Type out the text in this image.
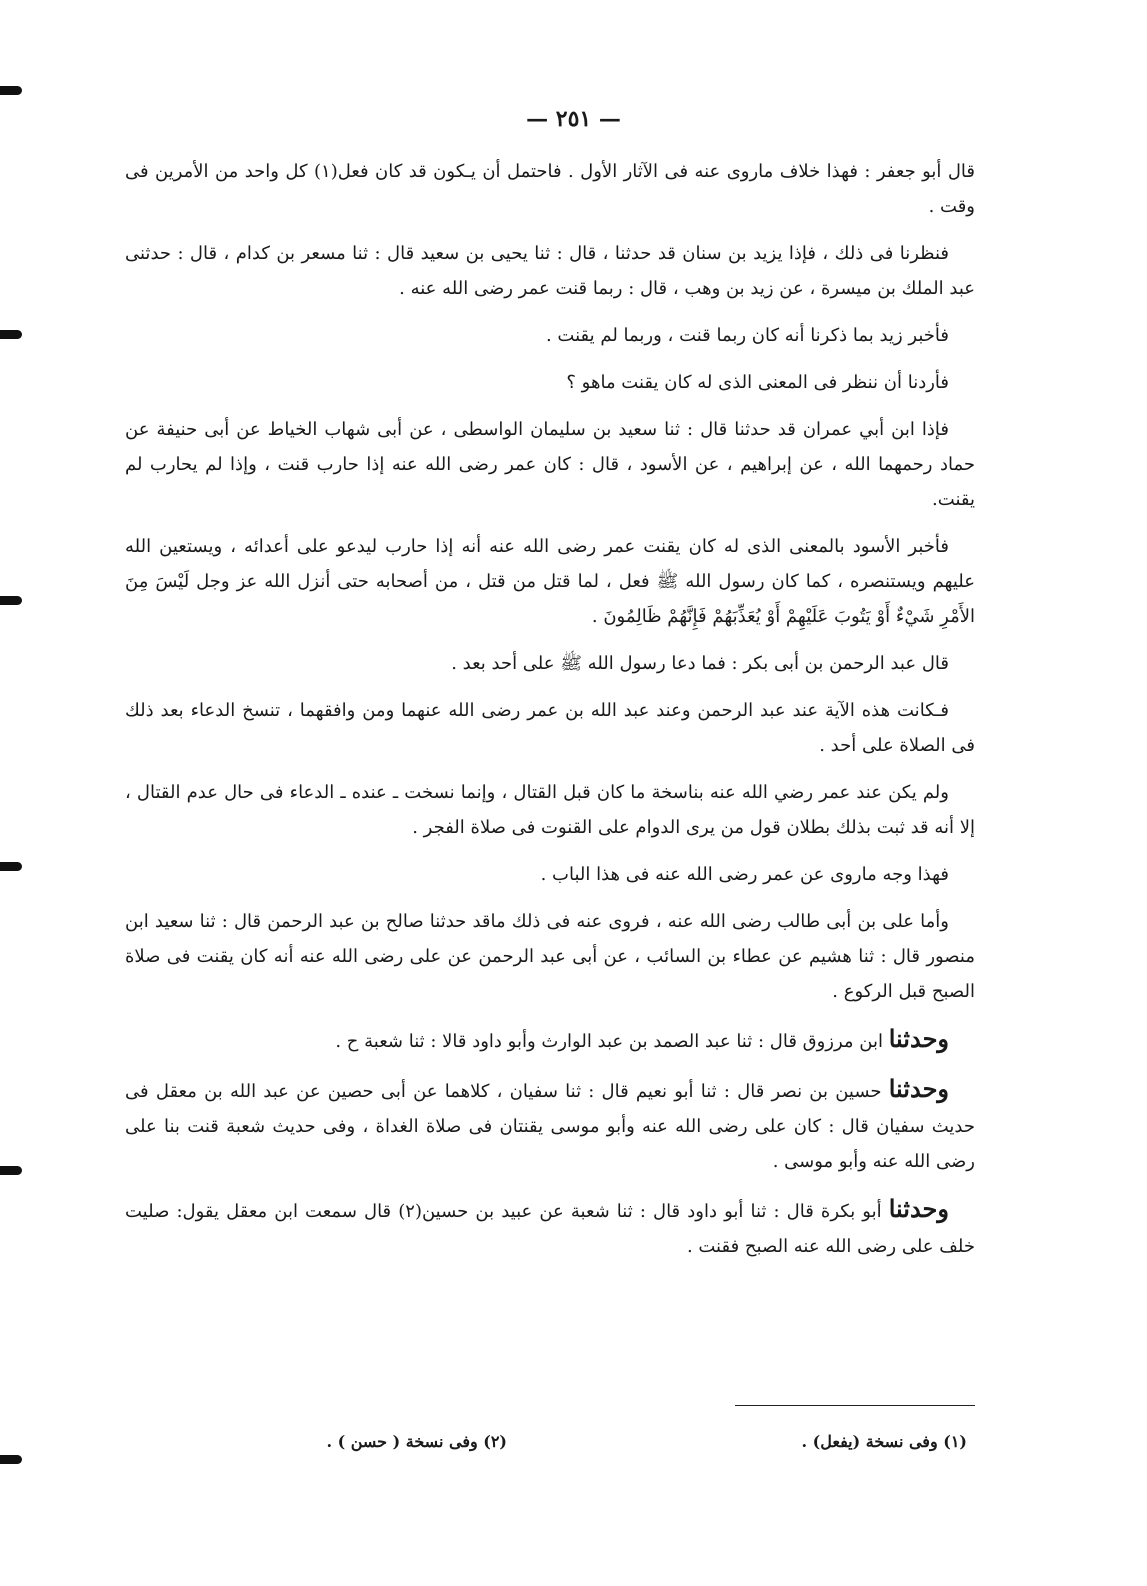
— ٢٥١ —

قال أبو جعفر : فهذا خلاف ماروى عنه فى الآثار الأول . فاحتمل أن يـكون قد كان فعل(١) كل واحد من الأمرين فى وقت .

فنظرنا فى ذلك ، فإذا يزيد بن سنان قد حدثنا ، قال : ثنا يحيى بن سعيد قال : ثنا مسعر بن كدام ، قال : حدثنى عبد الملك بن ميسرة ، عن زيد بن وهب ، قال : ربما قنت عمر رضى الله عنه .

فأخبر زيد بما ذكرنا أنه كان ربما قنت ، وربما لم يقنت .

فأردنا أن ننظر فى المعنى الذى له كان يقنت ماهو ؟

فإذا ابن أبي عمران قد حدثنا قال : ثنا سعيد بن سليمان الواسطى ، عن أبى شهاب الخياط عن أبى حنيفة عن حماد رحمهما الله ، عن إبراهيم ، عن الأسود ، قال : كان عمر رضى الله عنه إذا حارب قنت ، وإذا لم يحارب لم يقنت.

فأخبر الأسود بالمعنى الذى له كان يقنت عمر رضى الله عنه أنه إذا حارب ليدعو على أعدائه ، ويستعين الله عليهم ويستنصره ، كما كان رسول الله ﷺ فعل ، لما قتل من قتل ، من أصحابه حتى أنزل الله عز وجل لَيْسَ مِنَ الأَمْرِ شَيْءٌ أَوْ يَتُوبَ عَلَيْهِمْ أَوْ يُعَذِّبَهُمْ فَإِنَّهُمْ ظَالِمُونَ .

قال عبد الرحمن بن أبى بكر : فما دعا رسول الله ﷺ على أحد بعد .

فـكانت هذه الآية عند عبد الرحمن وعند عبد الله بن عمر رضى الله عنهما ومن وافقهما ، تنسخ الدعاء بعد ذلك فى الصلاة على أحد .

ولم يكن عند عمر رضي الله عنه بناسخة ما كان قبل القتال ، وإنما نسخت ـ عنده ـ الدعاء فى حال عدم القتال ، إلا أنه قد ثبت بذلك بطلان قول من يرى الدوام على القنوت فى صلاة الفجر .

فهذا وجه ماروى عن عمر رضى الله عنه فى هذا الباب .

وأما على بن أبى طالب رضى الله عنه ، فروى عنه فى ذلك ماقد حدثنا صالح بن عبد الرحمن قال : ثنا سعيد ابن منصور قال : ثنا هشيم عن عطاء بن السائب ، عن أبى عبد الرحمن عن على رضى الله عنه أنه كان يقنت فى صلاة الصبح قبل الركوع .

وحدثنا ابن مرزوق قال : ثنا عبد الصمد بن عبد الوارث وأبو داود قالا : ثنا شعبة ح .

وحدثنا حسين بن نصر قال : ثنا أبو نعيم قال : ثنا سفيان ، كلاهما عن أبى حصين عن عبد الله بن معقل فى حديث سفيان قال : كان على رضى الله عنه وأبو موسى يقنتان فى صلاة الغداة ، وفى حديث شعبة قنت بنا على رضى الله عنه وأبو موسى .

وحدثنا أبو بكرة قال : ثنا أبو داود قال : ثنا شعبة عن عبيد بن حسين(٢) قال سمعت ابن معقل يقول: صليت خلف على رضى الله عنه الصبح فقنت .

(١) وفى نسخة (يفعل) .
(٢) وفى نسخة ( حسن ) .
